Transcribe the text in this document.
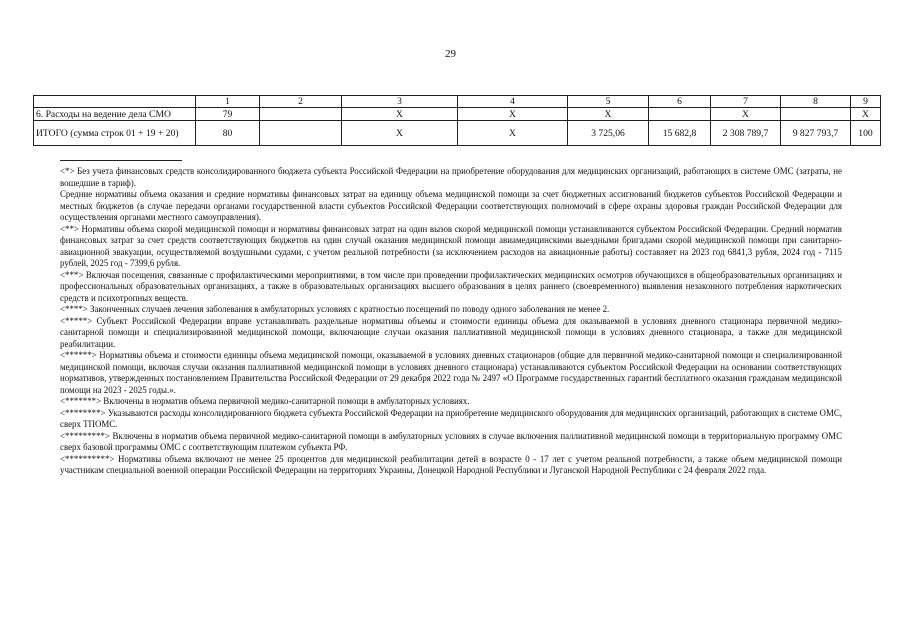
29
	1	2	3	4	5	6	7	8	9
6. Расходы на ведение дела СМО	79		Х	Х	Х		Х		Х
ИТОГО (сумма строк 01 + 19 + 20)	80		Х	Х	3 725,06	15 682,8	2 308 789,7	9 827 793,7	100

<*> Без учета финансовых средств консолидированного бюджета субъекта Российской Федерации на приобретение оборудования для медицинских организаций, работающих в системе ОМС (затраты, не вошедшие в тариф).

Средние нормативы объема оказания и средние нормативы финансовых затрат на единицу объема медицинской помощи за счет бюджетных ассигнований бюджетов субъектов Российской Федерации и местных бюджетов (в случае передачи органами государственной власти субъектов Российской Федерации соответствующих полномочий в сфере охраны здоровья граждан Российской Федерации для осуществления органами местного самоуправления).

<**> Нормативы объема скорой медицинской помощи и нормативы финансовых затрат на один вызов скорой медицинской помощи устанавливаются субъектом Российской Федерации. Средний норматив финансовых затрат за счет средств соответствующих бюджетов на один случай оказания медицинской помощи авиамедицинскими выездными бригадами скорой медицинской помощи при санитарно-авиационной эвакуации, осуществляемой воздушными судами, с учетом реальной потребности (за исключением расходов на авиационные работы) составляет на 2023 год 6841,3 рубля, 2024 год - 7115 рублей, 2025 год - 7399,6 рубля.

<***> Включая посещения, связанные с профилактическими мероприятиями, в том числе при проведении профилактических медицинских осмотров обучающихся в общеобразовательных организациях и профессиональных образовательных организациях, а также в образовательных организациях высшего образования в целях раннего (своевременного) выявления незаконного потребления наркотических средств и психотропных веществ.

<****> Законченных случаев лечения заболевания в амбулаторных условиях с кратностью посещений по поводу одного заболевания не менее 2.

<*****> Субъект Российской Федерации вправе устанавливать раздельные нормативы объемы и стоимости единицы объема для оказываемой в условиях дневного стационара первичной медико-санитарной помощи и специализированной медицинской помощи, включающие случаи оказания паллиативной медицинской помощи в условиях дневного стационара, а также для медицинской реабилитации.

<******> Нормативы объема и стоимости единицы объема медицинской помощи, оказываемой в условиях дневных стационаров (общие для первичной медико-санитарной помощи и специализированной медицинской помощи, включая случаи оказания паллиативной медицинской помощи в условиях дневного стационара) устанавливаются субъектом Российской Федерации на основании соответствующих нормативов, утвержденных постановлением Правительства Российской Федерации от 29 декабря 2022 года № 2497 «О Программе государственных гарантий бесплатного оказания гражданам медицинской помощи на 2023 - 2025 годы.».

<*******> Включены в норматив объема первичной медико-санитарной помощи в амбулаторных условиях.

<********> Указываются расходы консолидированного бюджета субъекта Российской Федерации на приобретение медицинского оборудования для медицинских организаций, работающих в системе ОМС, сверх ТПОМС.

<*********> Включены в норматив объема первичной медико-санитарной помощи в амбулаторных условиях в случае включения паллиативной медицинской помощи в территориальную программу ОМС сверх базовой программы ОМС с соответствующим платежом субъекта РФ.

<**********> Нормативы объема включают не менее 25 процентов для медицинской реабилитации детей в возрасте 0 - 17 лет с учетом реальной потребности, а также объем медицинской помощи участникам специальной военной операции Российской Федерации на территориях Украины, Донецкой Народной Республики и Луганской Народной Республики с 24 февраля 2022 года.
